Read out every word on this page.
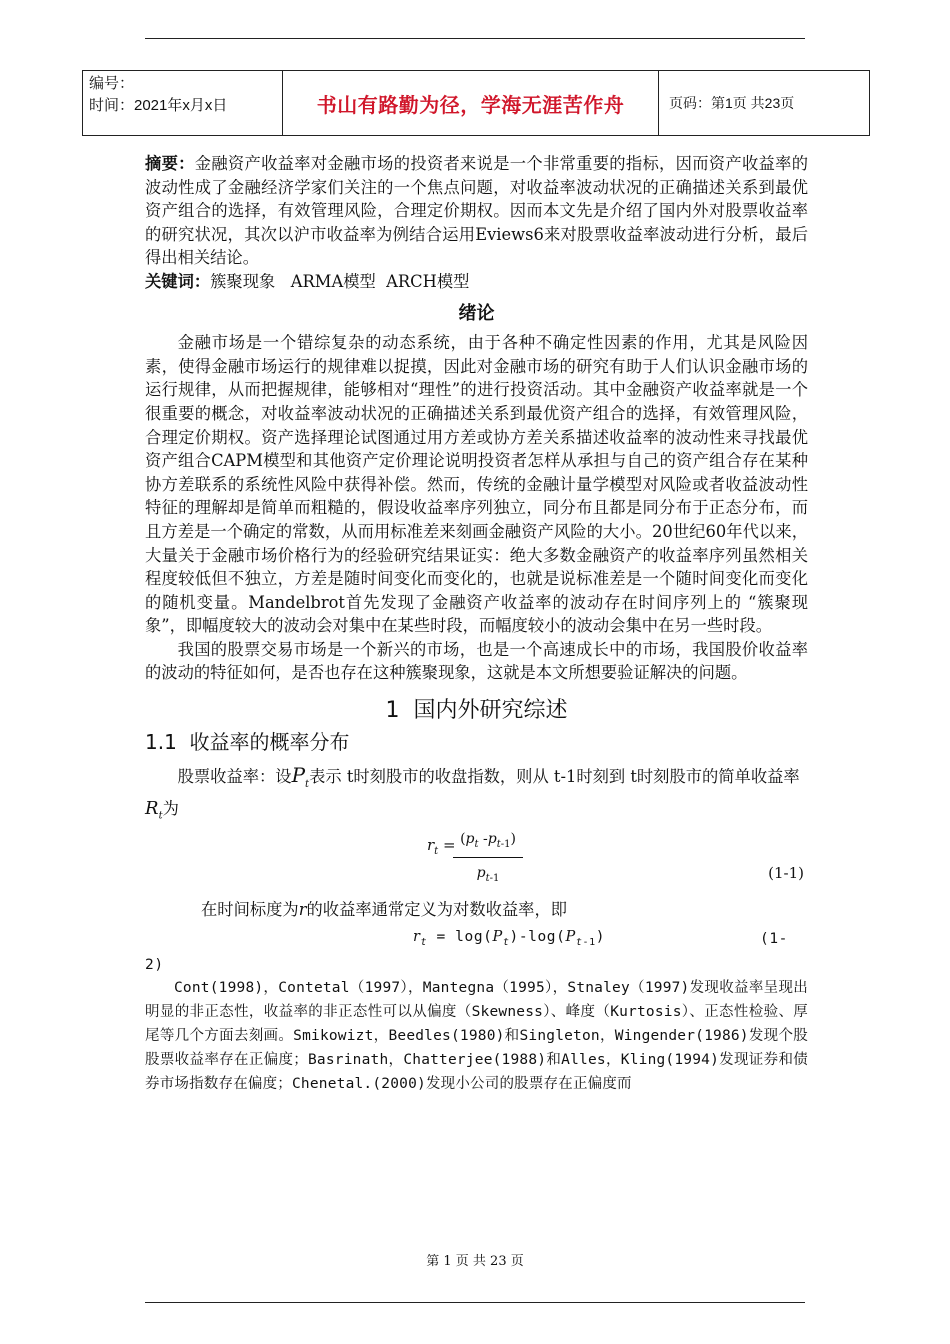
编号：
时间：2021年x月x日	书山有路勤为径，学海无涯苦作舟	页码：第1页 共23页

摘要：金融资产收益率对金融市场的投资者来说是一个非常重要的指标，因而资产收益率的波动性成了金融经济学家们关注的一个焦点问题，对收益率波动状况的正确描述关系到最优资产组合的选择，有效管理风险，合理定价期权。因而本文先是介绍了国内外对股票收益率的研究状况，其次以沪市收益率为例结合运用Eviews6来对股票收益率波动进行分析，最后得出相关结论。

关键词：簇聚现象   ARMA模型  ARCH模型

绪论

金融市场是一个错综复杂的动态系统，由于各种不确定性因素的作用，尤其是风险因素，使得金融市场运行的规律难以捉摸，因此对金融市场的研究有助于人们认识金融市场的运行规律，从而把握规律，能够相对“理性”的进行投资活动。其中金融资产收益率就是一个很重要的概念，对收益率波动状况的正确描述关系到最优资产组合的选择，有效管理风险，合理定价期权。资产选择理论试图通过用方差或协方差关系描述收益率的波动性来寻找最优资产组合CAPM模型和其他资产定价理论说明投资者怎样从承担与自己的资产组合存在某种协方差联系的系统性风险中获得补偿。然而，传统的金融计量学模型对风险或者收益波动性特征的理解却是简单而粗糙的，假设收益率序列独立，同分布且都是同分布于正态分布，而且方差是一个确定的常数，从而用标准差来刻画金融资产风险的大小。20世纪60年代以来，大量关于金融市场价格行为的经验研究结果证实：绝大多数金融资产的收益率序列虽然相关程度较低但不独立，方差是随时间变化而变化的，也就是说标准差是一个随时间变化而变化的随机变量。Mandelbrot首先发现了金融资产收益率的波动存在时间序列上的 “簇聚现象”，即幅度较大的波动会对集中在某些时段，而幅度较小的波动会集中在另一些时段。

我国的股票交易市场是一个新兴的市场，也是一个高速成长中的市场，我国股价收益率的波动的特征如何，是否也存在这种簇聚现象，这就是本文所想要验证解决的问题。

1  国内外研究综述
1.1  收益率的概率分布

股票收益率：设$P_t$表示 t时刻股市的收盘指数，则从 t-1时刻到 t时刻股市的简单收益率$R_t$为

$r_t$ =
$\frac{(p_t -p_{t-1})}{p_{t-1}}$	(1-1)

在时间标度为r的收益率通常定义为对数收益率，即

$r_t = \log(P_t)-\log(P_{t-1})$	(1-
2)

Cont(1998)，Contetal（1997），Mantegna（1995），Stnaley（1997)发现收益率呈现出明显的非正态性，收益率的非正态性可以从偏度（Skewness）、峰度（Kurtosis）、正态性检验、厚尾等几个方面去刻画。Smikowizt，Beedles(1980)和Singleton，Wingender(1986)发现个股股票收益率存在正偏度；Basrinath，Chatterjee(1988)和Alles，Kling(1994)发现证券和债券市场指数存在偏度；Chenetal.(2000)发现小公司的股票存在正偏度而

第 1 页 共 23 页
